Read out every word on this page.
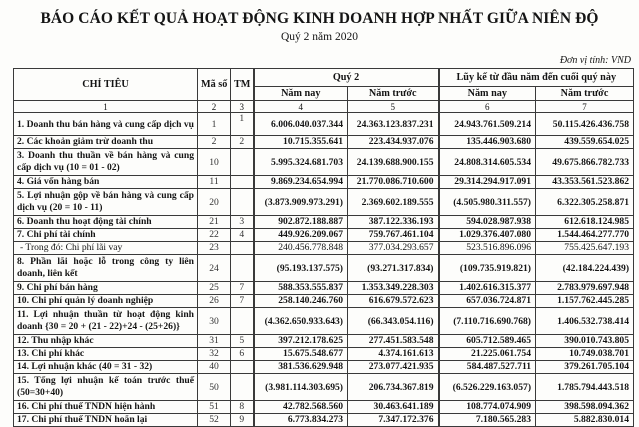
BÁO CÁO KẾT QUẢ HOẠT ĐỘNG KINH DOANH HỢP NHẤT GIỮA NIÊN ĐỘ
Quý 2 năm 2020
Đơn vị tính: VND
CHỈ TIÊU	Mã số	TM	Quý 2		Lũy kế từ đầu năm đến cuối quý này	
			Năm nay	Năm trước	Năm nay	Năm trước
1	2	3	4	5	6	7
1. Doanh thu bán hàng và cung cấp dịch vụ	1	1	6.006.040.037.344	24.363.123.837.231	24.943.761.509.214	50.115.426.436.758
2. Các khoản giảm trừ doanh thu	2	2	10.715.355.641	223.434.937.076	135.446.903.680	439.559.654.025
3. Doanh thu thuần về bán hàng và cung cấp dịch vụ (10 = 01 - 02)	10		5.995.324.681.703	24.139.688.900.155	24.808.314.605.534	49.675.866.782.733
4. Giá vốn hàng bán	11		9.869.234.654.994	21.770.086.710.600	29.314.294.917.091	43.353.561.523.862
5. Lợi nhuận gộp về bán hàng và cung cấp dịch vụ (20 = 10 - 11)	20		(3.873.909.973.291)	2.369.602.189.555	(4.505.980.311.557)	6.322.305.258.871
6. Doanh thu hoạt động tài chính	21	3	902.872.188.887	387.122.336.193	594.028.987.938	612.618.124.985
7. Chi phí tài chính	22	4	449.926.209.067	759.767.461.104	1.029.376.407.080	1.544.464.277.770
- Trong đó: Chi phí lãi vay	23		240.456.778.848	377.034.293.657	523.516.896.096	755.425.647.193
8. Phần lãi hoặc lỗ trong công ty liên doanh, liên kết	24		(95.193.137.575)	(93.271.317.834)	(109.735.919.821)	(42.184.224.439)
9. Chi phí bán hàng	25	7	588.353.555.837	1.353.349.228.303	1.402.616.315.377	2.783.979.697.948
10. Chi phí quản lý doanh nghiệp	26	7	258.140.246.760	616.679.572.623	657.036.724.871	1.157.762.445.285
11. Lợi nhuận thuần từ hoạt động kinh doanh {30 = 20 + (21 - 22)+24 - (25+26)}	30		(4.362.650.933.643)	(66.343.054.116)	(7.110.716.690.768)	1.406.532.738.414
12. Thu nhập khác	31	5	397.212.178.625	277.451.583.548	605.712.589.465	390.010.743.805
13. Chi phí khác	32	6	15.675.548.677	4.374.161.613	21.225.061.754	10.749.038.701
14. Lợi nhuận khác (40 = 31 - 32)	40		381.536.629.948	273.077.421.935	584.487.527.711	379.261.705.104
15. Tổng lợi nhuận kế toán trước thuế (50=30+40)	50		(3.981.114.303.695)	206.734.367.819	(6.526.229.163.057)	1.785.794.443.518
16. Chi phí thuế TNDN hiện hành	51	8	42.782.568.560	30.463.641.189	108.774.074.909	398.598.094.362
17. Chi phí thuế TNDN hoãn lại	52	9	6.773.834.273	7.347.172.376	7.180.565.283	5.882.830.014
